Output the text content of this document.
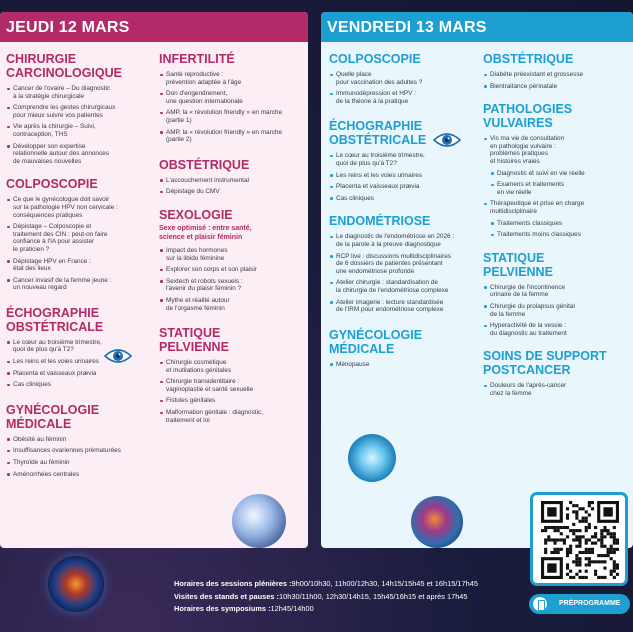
JEUDI 12 MARS
CHIRURGIE
CARCINOLOGIQUE
Cancer de l'ovaire – Du diagnostic
à la stratégie chirurgicale
Comprendre les gestes chirurgicaux
pour mieux suivre vos patientes
Vie après la chirurgie – Suivi,
contraception, THS
Développer son expertise
relationnelle autour des annonces
de mauvaises nouvelles
COLPOSCOPIE
Ce que le gynécologue doit savoir
sur la pathologie HPV non cervicale :
conséquences pratiques
Dépistage – Colposcopie et
traitement des CIN : peut-on faire
confiance à l'IA pour assister
le praticien ?
Dépistage HPV en France :
état des lieux
Cancer invasif de la femme jeune :
un nouveau regard
ÉCHOGRAPHIE
OBSTÉTRICALE
Le cœur au troisième trimestre,
quoi de plus qu'à T2?
Les reins et les voies urinaires
Placenta et vaisseaux prævia
Cas cliniques
GYNÉCOLOGIE
MÉDICALE
Obésité au féminin
Insuffisances ovariennes prématurées
Thyroïde au féminin
Aménorrhées centrales
INFERTILITÉ
Santé reproductive :
prévention adaptée à l'âge
Don d'engendrement,
une question internationale
AMP, la « révolution friendly » en marche
(partie 1)
AMP, la « révolution friendly » en marche
(partie 2)
OBSTÉTRIQUE
L'accouchement instrumental
Dépistage du CMV
SEXOLOGIE
Sexe optimisé : entre santé,
science et plaisir féminin
Impact des hormones
sur la libido féminine
Explorer son corps et son plaisir
Sextech et robots sexuels :
l'avenir du plaisir féminin ?
Mythe et réalité autour
de l'orgasme féminin
STATIQUE
PELVIENNE
Chirurgie cosmétique
et mutilations génitales
Chirurgie transidentitaire :
vaginoplastie et santé sexuelle
Fistules génitales
Malformation génitale : diagnostic,
traitement et loi
VENDREDI 13 MARS
COLPOSCOPIE
Quelle place
pour vaccination des adultes ?
Immunodépression et HPV :
de la théorie à la pratique
ÉCHOGRAPHIE
OBSTÉTRICALE
Le cœur au troisième trimestre,
quoi de plus qu'à T2?
Les reins et les voies urinaires
Placenta et vaisseaux prævia
Cas cliniques
ENDOMÉTRIOSE
Le diagnostic de l'endométriose en 2026 :
de la parole à la preuve diagnostique
RCP live : discussions multidisciplinaires
de 6 dossiers de patientes présentant
une endométriose profonde
Atelier chirurgie : standardisation de
la chirurgie de l'endométriose complexe
Atelier imagerie : lecture standardisée
de l'IRM pour endométriose complexe
GYNÉCOLOGIE
MÉDICALE
Ménopause
OBSTÉTRIQUE
Diabète préexistant et grossesse
Bientraitance périnatale
PATHOLOGIES
VULVAIRES
Vis ma vie de consultation
en pathologie vulvaire :
problèmes pratiques
et histoires vraies
Diagnostic et suivi en vie réelle
Examens et traitements
en vie réelle
Thérapeutique et prise en charge
multidisciplinaire
Traitements classiques
Traitements moins classiques
STATIQUE
PELVIENNE
Chirurgie de l'incontinence
urinaire de la femme
Chirurgie du prolapsus génital
de la femme
Hyperactivité de la vessie :
du diagnostic au traitement
SOINS DE SUPPORT
POSTCANCER
Douleurs de l'après-cancer
chez la femme
PRÉPROGRAMME
Horaires des sessions plénières :9h00/10h30, 11h00/12h30, 14h15/15h45 et 16h15/17h45
Visites des stands et pauses :10h30/11h00, 12h30/14h15, 15h45/16h15 et après 17h45
Horaires des symposiums :12h45/14h00
